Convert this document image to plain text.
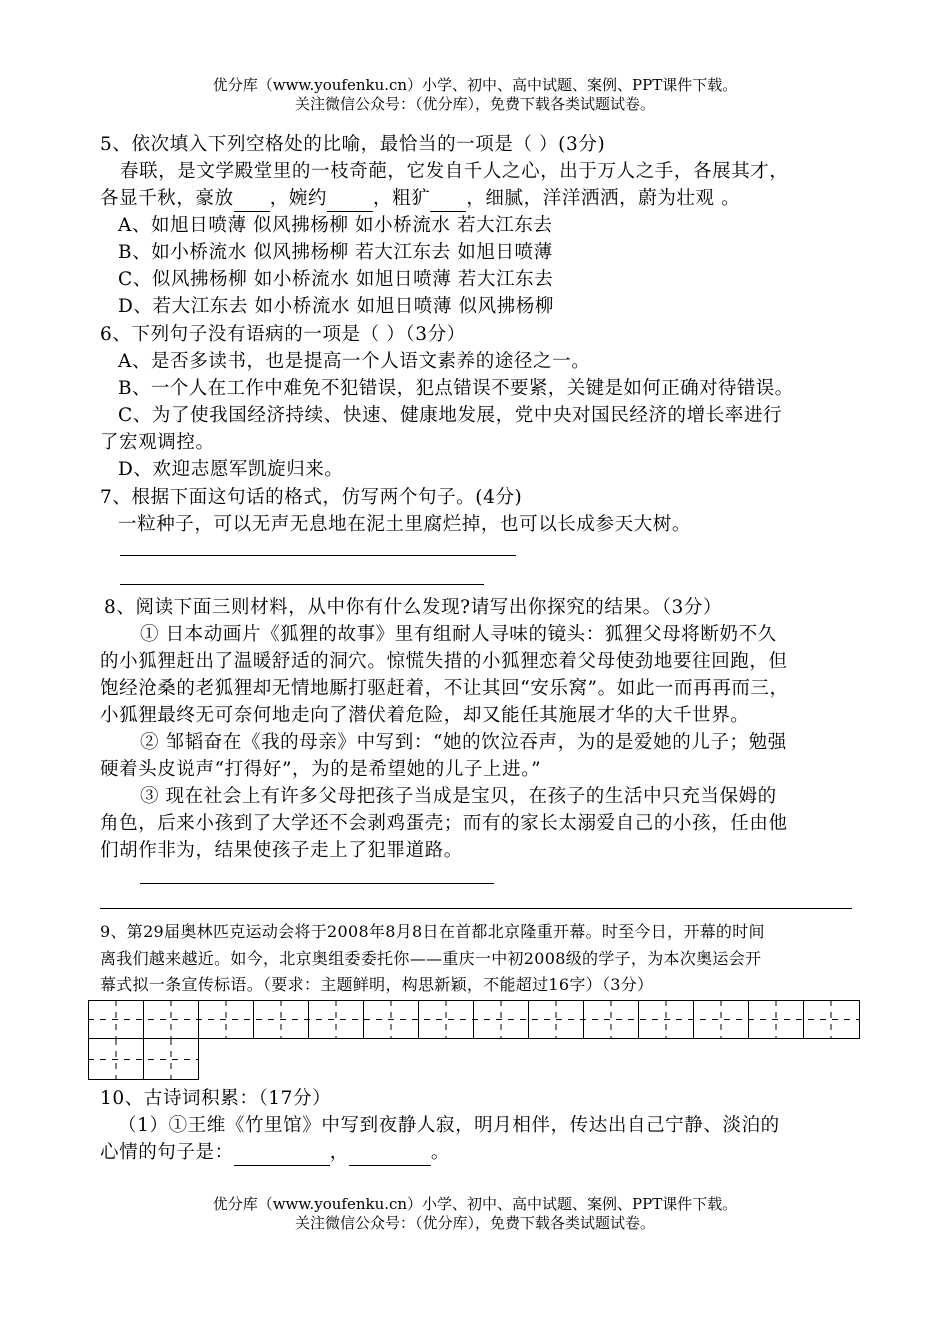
优分库（www.youfenku.cn）小学、初中、高中试题、案例、PPT课件下载。
关注微信公众号：（优分库），免费下载各类试题试卷。
5、依次填入下列空格处的比喻，最恰当的一项是（ ）(3分)
春联，是文学殿堂里的一枝奇葩，它发自千人之心，出于万人之手，各展其才，
各显千秋，豪放 ，婉约 ，粗犷 ，细腻，洋洋洒洒，蔚为壮观 。
A、如旭日喷薄 似风拂杨柳 如小桥流水 若大江东去
B、如小桥流水 似风拂杨柳 若大江东去 如旭日喷薄
C、似风拂杨柳 如小桥流水 如旭日喷薄 若大江东去
D、若大江东去 如小桥流水 如旭日喷薄 似风拂杨柳
6、下列句子没有语病的一项是（ ）（3分）
A、是否多读书，也是提高一个人语文素养的途径之一。
B、一个人在工作中难免不犯错误，犯点错误不要紧，关键是如何正确对待错误。
C、为了使我国经济持续、快速、健康地发展，党中央对国民经济的增长率进行
了宏观调控。
D、欢迎志愿军凯旋归来。
7、根据下面这句话的格式，仿写两个句子。(4分)
一粒种子，可以无声无息地在泥土里腐烂掉，也可以长成参天大树。
8、阅读下面三则材料，从中你有什么发现?请写出你探究的结果。（3分）
① 日本动画片《狐狸的故事》里有组耐人寻味的镜头：狐狸父母将断奶不久
的小狐狸赶出了温暖舒适的洞穴。惊慌失措的小狐狸恋着父母使劲地要往回跑，但
饱经沧桑的老狐狸却无情地厮打驱赶着，不让其回“安乐窝”。如此一而再再而三，
小狐狸最终无可奈何地走向了潜伏着危险，却又能任其施展才华的大千世界。
② 邹韬奋在《我的母亲》中写到：“她的饮泣吞声，为的是爱她的儿子；勉强
硬着头皮说声“打得好”，为的是希望她的儿子上进。”
③ 现在社会上有许多父母把孩子当成是宝贝，在孩子的生活中只充当保姆的
角色，后来小孩到了大学还不会剥鸡蛋壳；而有的家长太溺爱自己的小孩，任由他
们胡作非为，结果使孩子走上了犯罪道路。
9、第29届奥林匹克运动会将于2008年8月8日在首都北京隆重开幕。时至今日，开幕的时间
离我们越来越近。如今，北京奥组委委托你——重庆一中初2008级的学子，为本次奥运会开
幕式拟一条宣传标语。（要求：主题鲜明，构思新颖，不能超过16字）（3分）
10、古诗词积累：（17分）
（1）①王维《竹里馆》中写到夜静人寂，明月相伴，传达出自己宁静、淡泊的
心情的句子是：	，	。
优分库（www.youfenku.cn）小学、初中、高中试题、案例、PPT课件下载。
关注微信公众号：（优分库），免费下载各类试题试卷。
